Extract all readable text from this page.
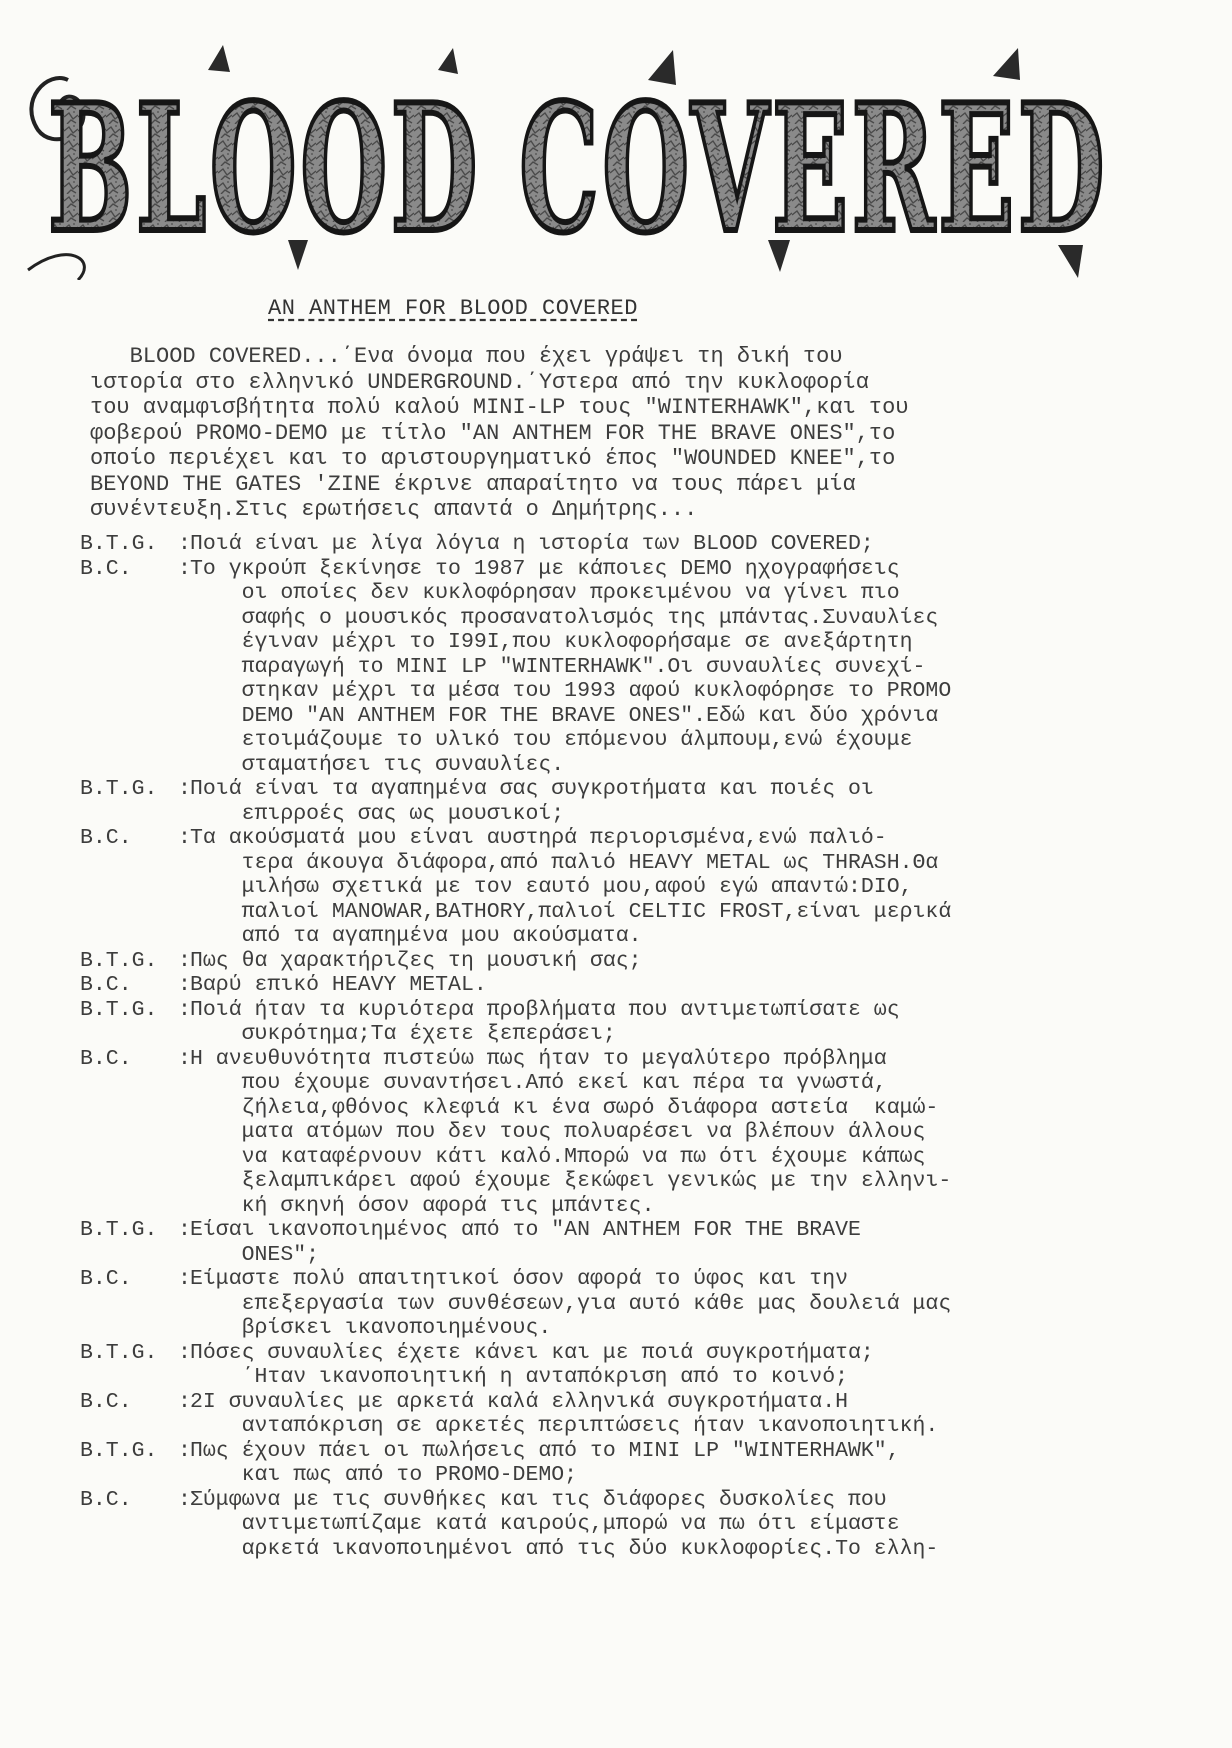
BLOOD COVERED
AN ANTHEM FOR BLOOD COVERED
BLOOD COVERED...΄Ενα όνομα που έχει γράψει τη δική του
ιστορία στο ελληνικό UNDERGROUND.΄Υστερα από την κυκλοφορία
του αναμφισβήτητα πολύ καλού MINI-LP τους "WINTERHAWK",και του
φοβερού PROMO-DEMO με τίτλο "AN ANTHEM FOR THE BRAVE ONES",το
οποίο περιέχει και το αριστουργηματικό έπος "WOUNDED KNEE",το
BEYOND THE GATES 'ZINE έκρινε απαραίτητο να τους πάρει μία
συνέντευξη.Στις ερωτήσεις απαντά ο Δημήτρης...
B.T.G. : Ποιά είναι με λίγα λόγια η ιστορία των BLOOD COVERED;
B.C.	: Το γκρούπ ξεκίνησε το 1987 με κάποιες DEMO ηχογραφήσεις
οι οποίες δεν κυκλοφόρησαν προκειμένου να γίνει πιο
σαφής ο μουσικός προσανατολισμός της μπάντας.Συναυλίες
έγιναν μέχρι το Ι99Ι,που κυκλοφορήσαμε σε ανεξάρτητη
παραγωγή το MINI LP "WINTERHAWK".Οι συναυλίες συνεχί-
στηκαν μέχρι τα μέσα του 1993 αφού κυκλοφόρησε το PROMO
DEMO "AN ANTHEM FOR THE BRAVE ONES".Εδώ και δύο χρόνια
ετοιμάζουμε το υλικό του επόμενου άλμπουμ,ενώ έχουμε
σταματήσει τις συναυλίες.
B.T.G. : Ποιά είναι τα αγαπημένα σας συγκροτήματα και ποιές οι
επιρροές σας ως μουσικοί;
B.C.	: Τα ακούσματά μου είναι αυστηρά περιορισμένα,ενώ παλιό-
τερα άκουγα διάφορα,από παλιό HEAVY METAL ως THRASH.Θα
μιλήσω σχετικά με τον εαυτό μου,αφού εγώ απαντώ:DIO,
παλιοί MANOWAR,BATHORY,παλιοί CELTIC FROST,είναι μερικά
από τα αγαπημένα μου ακούσματα.
B.T.G. : Πως θα χαρακτήριζες τη μουσική σας;
B.C.	: Βαρύ επικό HEAVY METAL.
B.T.G. : Ποιά ήταν τα κυριότερα προβλήματα που αντιμετωπίσατε ως
συκρότημα;Τα έχετε ξεπεράσει;
B.C.	: Η ανευθυνότητα πιστεύω πως ήταν το μεγαλύτερο πρόβλημα
που έχουμε συναντήσει.Από εκεί και πέρα τα γνωστά,
ζήλεια,φθόνος κλεφιά κι ένα σωρό διάφορα αστεία  καμώ-
ματα ατόμων που δεν τους πολυαρέσει να βλέπουν άλλους
να καταφέρνουν κάτι καλό.Μπορώ να πω ότι έχουμε κάπως
ξελαμπικάρει αφού έχουμε ξεκώφει γενικώς με την ελληνι-
κή σκηνή όσον αφορά τις μπάντες.
B.T.G. : Είσαι ικανοποιημένος από το "AN ANTHEM FOR THE BRAVE
ONES";
B.C.	: Είμαστε πολύ απαιτητικοί όσον αφορά το ύφος και την
επεξεργασία των συνθέσεων,για αυτό κάθε μας δουλειά μας
βρίσκει ικανοποιημένους.
B.T.G. : Πόσες συναυλίες έχετε κάνει και με ποιά συγκροτήματα;
΄Ηταν ικανοποιητική η ανταπόκριση από το κοινό;
B.C.	: 2Ι συναυλίες με αρκετά καλά ελληνικά συγκροτήματα.Η
ανταπόκριση σε αρκετές περιπτώσεις ήταν ικανοποιητική.
B.T.G. : Πως έχουν πάει οι πωλήσεις από το MINI LP "WINTERHAWK",
και πως από το PROMO-DEMO;
B.C.	: Σύμφωνα με τις συνθήκες και τις διάφορες δυσκολίες που
αντιμετωπίζαμε κατά καιρούς,μπορώ να πω ότι είμαστε
αρκετά ικανοποιημένοι από τις δύο κυκλοφορίες.Το ελλη-
